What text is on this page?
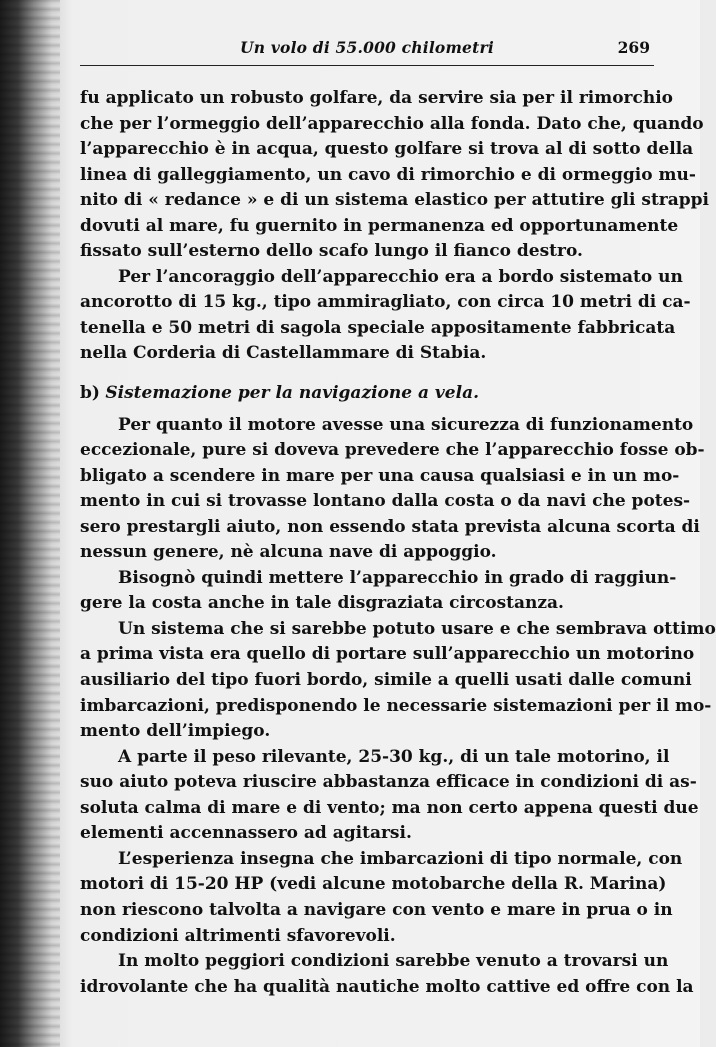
Un volo di 55.000 chilometri	269
fu applicato un robusto golfare, da servire sia per il rimorchio
che per l’ormeggio dell’apparecchio alla fonda. Dato che, quando
l’apparecchio è in acqua, questo golfare si trova al di sotto della
linea di galleggiamento, un cavo di rimorchio e di ormeggio mu-
nito di « redance » e di un sistema elastico per attutire gli strappi
dovuti al mare, fu guernito in permanenza ed opportunamente
fissato sull’esterno dello scafo lungo il fianco destro.
Per l’ancoraggio dell’apparecchio era a bordo sistemato un
ancorotto di 15 kg., tipo ammiragliato, con circa 10 metri di ca-
tenella e 50 metri di sagola speciale appositamente fabbricata
nella Corderia di Castellammare di Stabia.
b) Sistemazione per la navigazione a vela.
Per quanto il motore avesse una sicurezza di funzionamento
eccezionale, pure si doveva prevedere che l’apparecchio fosse ob-
bligato a scendere in mare per una causa qualsiasi e in un mo-
mento in cui si trovasse lontano dalla costa o da navi che potes-
sero prestargli aiuto, non essendo stata prevista alcuna scorta di
nessun genere, nè alcuna nave di appoggio.
Bisognò quindi mettere l’apparecchio in grado di raggiun-
gere la costa anche in tale disgraziata circostanza.
Un sistema che si sarebbe potuto usare e che sembrava ottimo
a prima vista era quello di portare sull’apparecchio un motorino
ausiliario del tipo fuori bordo, simile a quelli usati dalle comuni
imbarcazioni, predisponendo le necessarie sistemazioni per il mo-
mento dell’impiego.
A parte il peso rilevante, 25-30 kg., di un tale motorino, il
suo aiuto poteva riuscire abbastanza efficace in condizioni di as-
soluta calma di mare e di vento; ma non certo appena questi due
elementi accennassero ad agitarsi.
L’esperienza insegna che imbarcazioni di tipo normale, con
motori di 15-20 HP (vedi alcune motobarche della R. Marina)
non riescono talvolta a navigare con vento e mare in prua o in
condizioni altrimenti sfavorevoli.
In molto peggiori condizioni sarebbe venuto a trovarsi un
idrovolante che ha qualità nautiche molto cattive ed offre con la
